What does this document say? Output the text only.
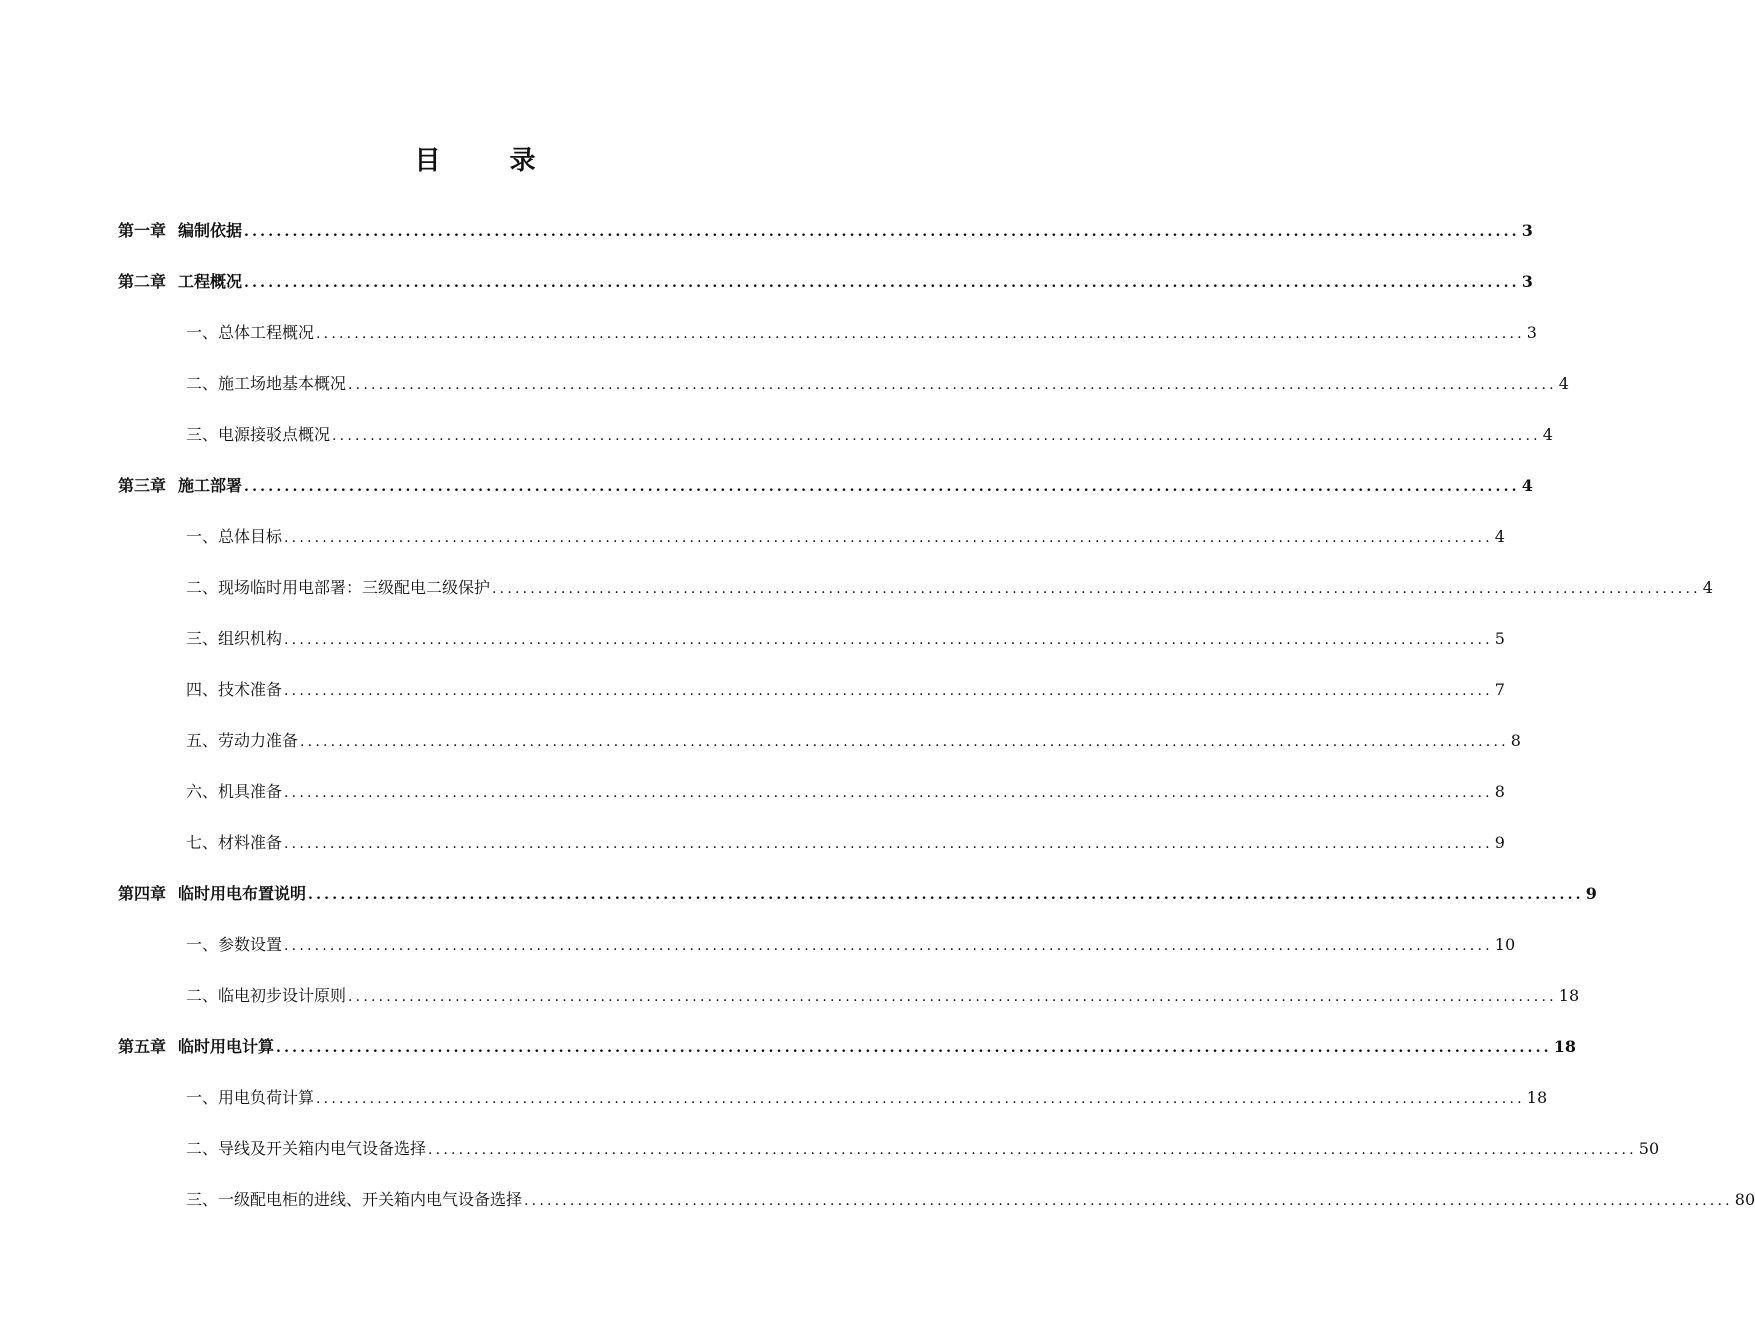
目 录
第一章 编制依据 .............................................................................................................................................................. 3
第二章 工程概况 .............................................................................................................................................................. 3
一、 总体工程概况 .............................................................................................................................................................. 3
二、 施工场地基本概况 .............................................................................................................................................................. 4
三、 电源接驳点概况 .............................................................................................................................................................. 4
第三章 施工部署 .............................................................................................................................................................. 4
一、 总体目标 .............................................................................................................................................................. 4
二、 现场临时用电部署：三级配电二级保护 .............................................................................................................................................................. 4
三、 组织机构 .............................................................................................................................................................. 5
四、 技术准备 .............................................................................................................................................................. 7
五、 劳动力准备 .............................................................................................................................................................. 8
六、 机具准备 .............................................................................................................................................................. 8
七、 材料准备 .............................................................................................................................................................. 9
第四章 临时用电布置说明 .............................................................................................................................................................. 9
一、 参数设置 .............................................................................................................................................................. 10
二、 临电初步设计原则 .............................................................................................................................................................. 18
第五章 临时用电计算 .............................................................................................................................................................. 18
一、 用电负荷计算 .............................................................................................................................................................. 18
二、 导线及开关箱内电气设备选择 .............................................................................................................................................................. 50
三、 一级配电柜的进线、开关箱内电气设备选择 .............................................................................................................................................................. 80
